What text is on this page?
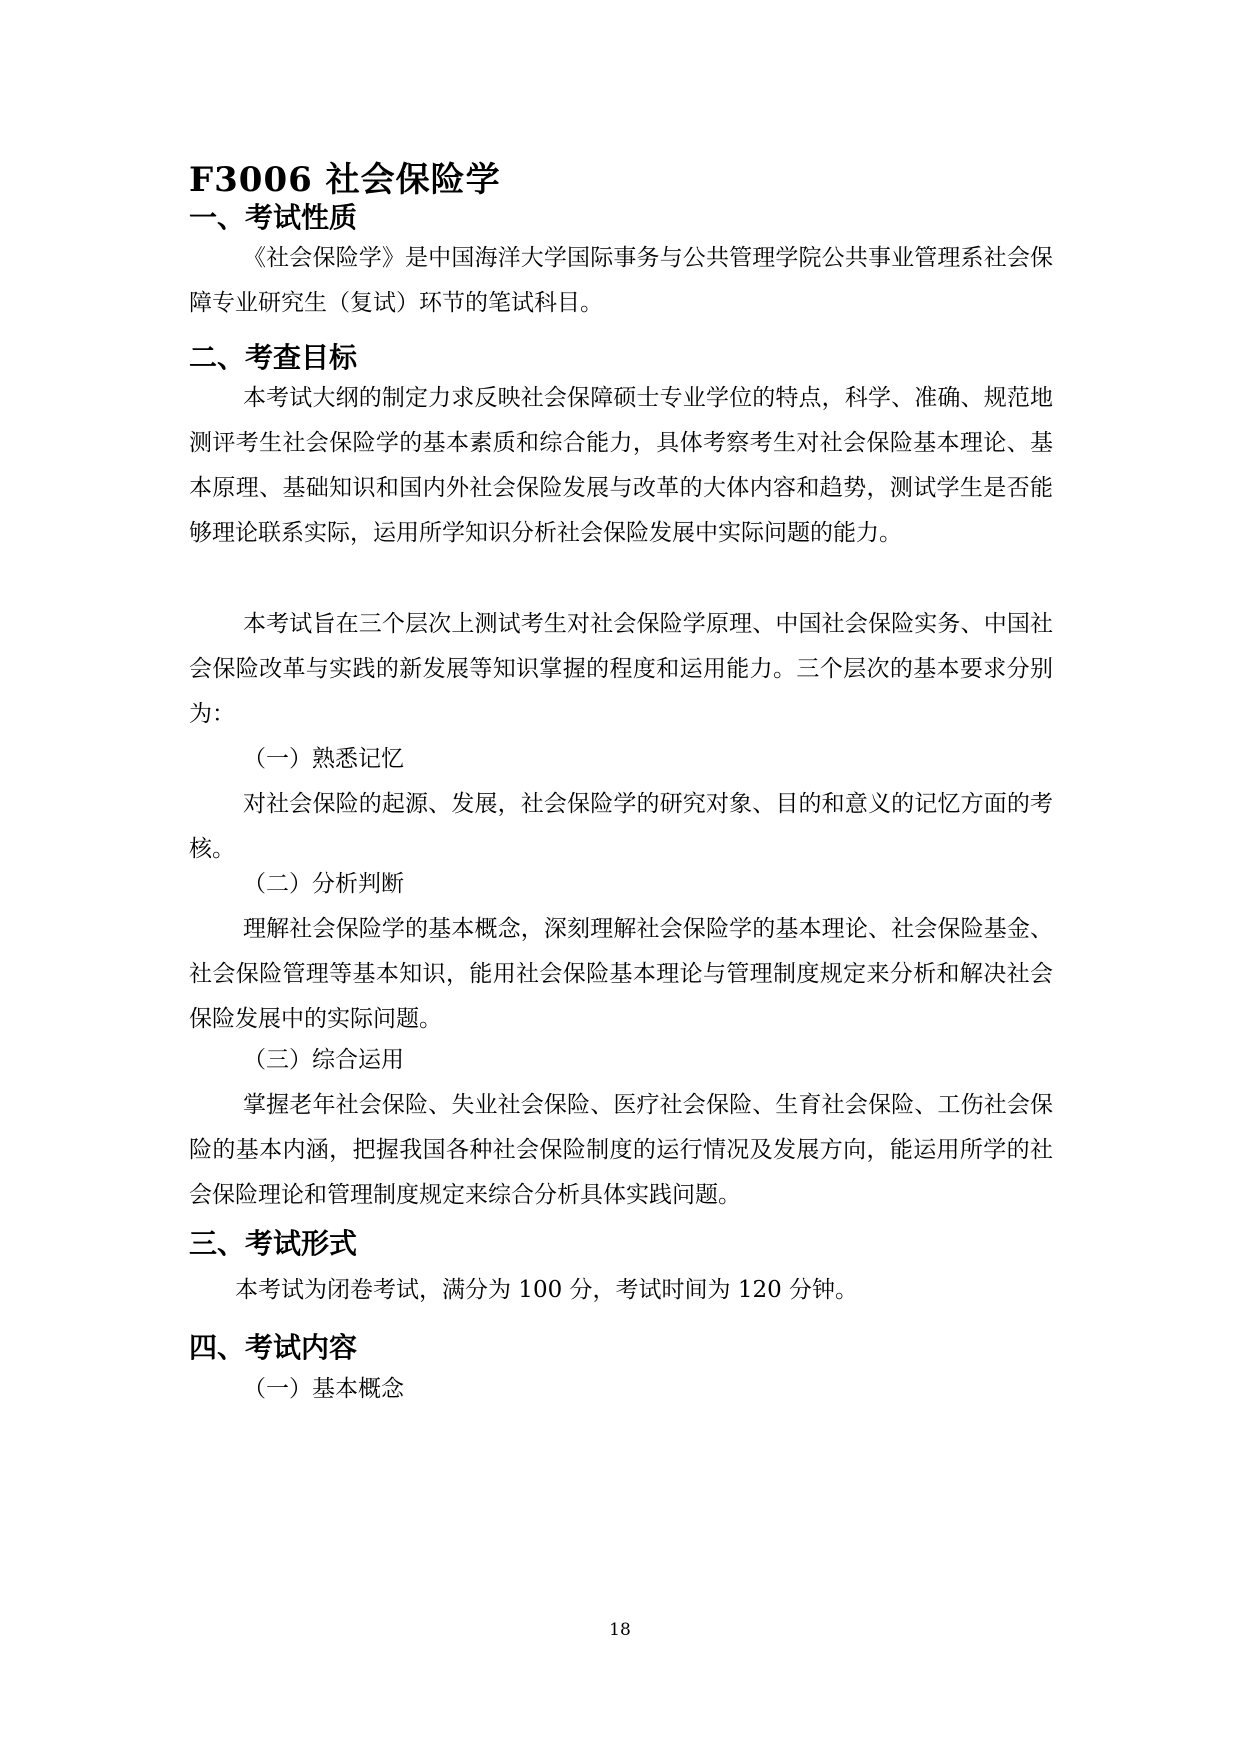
F3006 社会保险学
一、考试性质
《社会保险学》是中国海洋大学国际事务与公共管理学院公共事业管理系社会保障专业研究生（复试）环节的笔试科目。
二、考查目标
本考试大纲的制定力求反映社会保障硕士专业学位的特点，科学、准确、规范地测评考生社会保险学的基本素质和综合能力，具体考察考生对社会保险基本理论、基本原理、基础知识和国内外社会保险发展与改革的大体内容和趋势，测试学生是否能够理论联系实际，运用所学知识分析社会保险发展中实际问题的能力。
本考试旨在三个层次上测试考生对社会保险学原理、中国社会保险实务、中国社会保险改革与实践的新发展等知识掌握的程度和运用能力。三个层次的基本要求分别为：
（一）熟悉记忆
对社会保险的起源、发展，社会保险学的研究对象、目的和意义的记忆方面的考核。
（二）分析判断
理解社会保险学的基本概念，深刻理解社会保险学的基本理论、社会保险基金、社会保险管理等基本知识，能用社会保险基本理论与管理制度规定来分析和解决社会保险发展中的实际问题。
（三）综合运用
掌握老年社会保险、失业社会保险、医疗社会保险、生育社会保险、工伤社会保险的基本内涵，把握我国各种社会保险制度的运行情况及发展方向，能运用所学的社会保险理论和管理制度规定来综合分析具体实践问题。
三、考试形式
本考试为闭卷考试，满分为 100 分，考试时间为 120 分钟。
四、考试内容
（一）基本概念
18
